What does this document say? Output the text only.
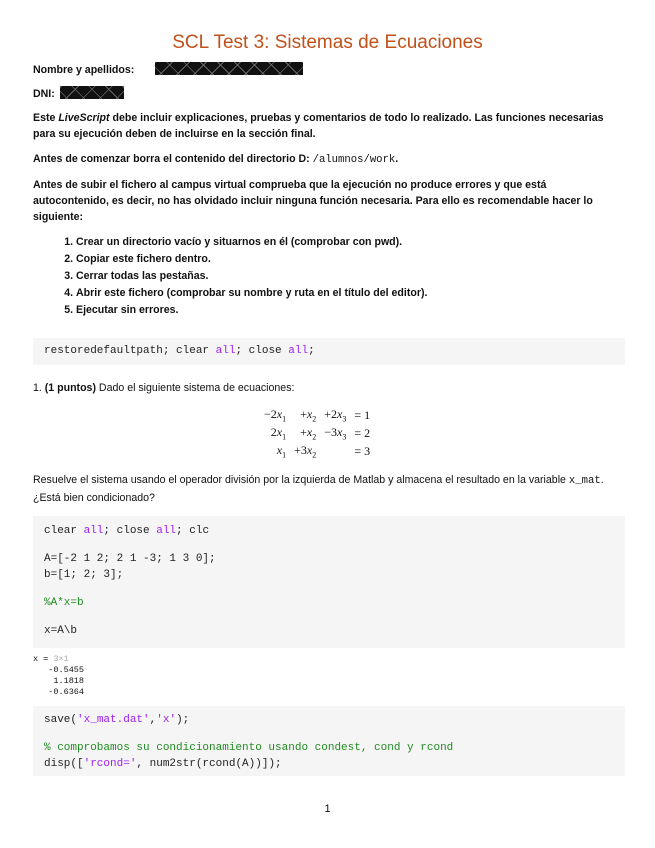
SCL Test 3: Sistemas de Ecuaciones
Nombre y apellidos:
DNI:
Este LiveScript debe incluir explicaciones, pruebas y comentarios de todo lo realizado. Las funciones necesarias para su ejecución deben de incluirse en la sección final.
Antes de comenzar borra el contenido del directorio D: /alumnos/work.
Antes de subir el fichero al campus virtual comprueba que la ejecución no produce errores y que está autocontenido, es decir, no has olvidado incluir ninguna función necesaria. Para ello es recomendable hacer lo siguiente:
1. Crear un directorio vacío y situarnos en él (comprobar con pwd).
2. Copiar este fichero dentro.
3. Cerrar todas las pestañas.
4. Abrir este fichero (comprobar su nombre y ruta en el título del editor).
5. Ejecutar sin errores.
restoredefaultpath; clear all; close all;
1. (1 puntos) Dado el siguiente sistema de ecuaciones:
$-2x_1$	$+x_2$	$+2x_3$	= 1
$2x_1$	$+x_2$	$-3x_3$	= 2
$x_1$	$+3x_2$		= 3
Resuelve el sistema usando el operador división por la izquierda de Matlab y almacena el resultado en la variable x_mat. ¿Está bien condicionado?
clear all; close all; clc
A=[-2 1 2; 2 1 -3; 1 3 0];
b=[1; 2; 3];
%A*x=b
x=A\b
x = 3×1
-0.5455
1.1818
-0.6364
save('x_mat.dat','x');
% comprobamos su condicionamiento usando condest, cond y rcond
disp(['rcond=', num2str(rcond(A))]);
1
